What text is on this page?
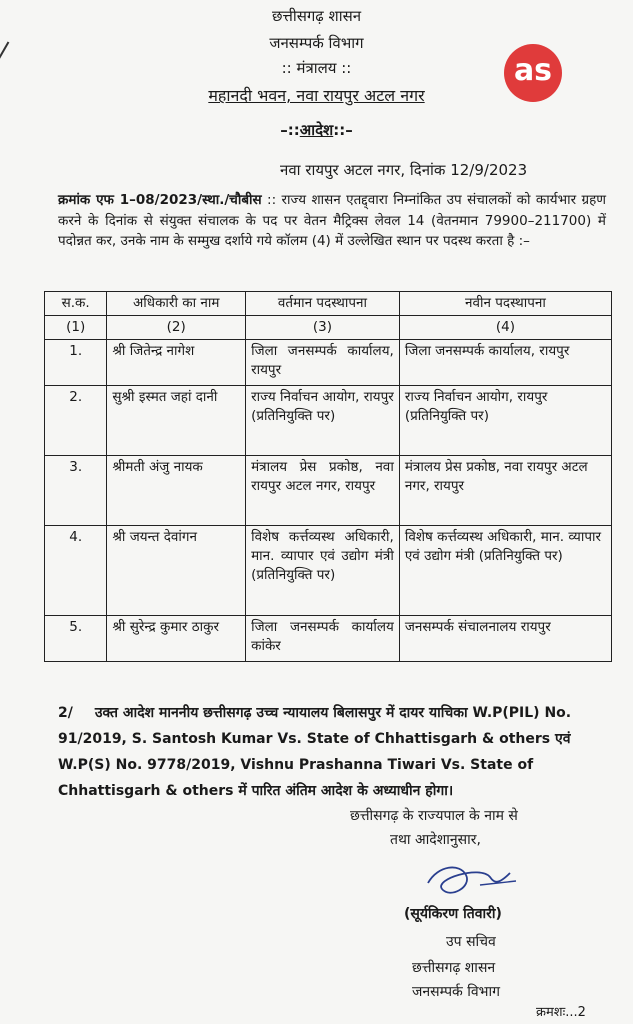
छत्तीसगढ़ शासन
जनसम्पर्क विभाग
:: मंत्रालय ::
महानदी भवन, नवा रायपुर अटल नगर
as
–::आदेश::–
नवा रायपुर अटल नगर, दिनांक 12/9/2023
क्रमांक एफ 1–08/2023/स्था./चौबीस :: राज्य शासन एतद्द्वारा निम्नांकित उप संचालकों को कार्यभार ग्रहण करने के दिनांक से संयुक्त संचालक के पद पर वेतन मैट्रिक्स लेवल 14 (वेतनमान 79900–211700) में पदोन्नत कर, उनके नाम के सम्मुख दर्शाये गये कॉलम (4) में उल्लेखित स्थान पर पदस्थ करता है :–
स.क.	अधिकारी का नाम	वर्तमान पदस्थापना	नवीन पदस्थापना
(1)	(2)	(3)	(4)
1.	श्री जितेन्द्र नागेश	जिला जनसम्पर्क कार्यालय, रायपुर	जिला जनसम्पर्क कार्यालय, रायपुर
2.	सुश्री इस्मत जहां दानी	राज्य निर्वाचन आयोग, रायपुर (प्रतिनियुक्ति पर)	राज्य निर्वाचन आयोग, रायपुर (प्रतिनियुक्ति पर)
3.	श्रीमती अंजु नायक	मंत्रालय प्रेस प्रकोष्ठ, नवा रायपुर अटल नगर, रायपुर	मंत्रालय प्रेस प्रकोष्ठ, नवा रायपुर अटल नगर, रायपुर
4.	श्री जयन्त देवांगन	विशेष कर्त्तव्यस्थ अधिकारी, मान. व्यापार एवं उद्योग मंत्री (प्रतिनियुक्ति पर)	विशेष कर्त्तव्यस्थ अधिकारी, मान. व्यापार एवं उद्योग मंत्री (प्रतिनियुक्ति पर)
5.	श्री सुरेन्द्र कुमार ठाकुर	जिला जनसम्पर्क कार्यालय कांकेर	जनसम्पर्क संचालनालय रायपुर
2/ उक्त आदेश माननीय छत्तीसगढ़ उच्च न्यायालय बिलासपुर में दायर याचिका W.P(PIL) No. 91/2019, S. Santosh Kumar Vs. State of Chhattisgarh & others एवं W.P(S) No. 9778/2019, Vishnu Prashanna Tiwari Vs. State of Chhattisgarh & others में पारित अंतिम आदेश के अध्याधीन होगा।
छत्तीसगढ़ के राज्यपाल के नाम से
तथा आदेशानुसार,
(सूर्यकिरण तिवारी)
उप सचिव
छत्तीसगढ़ शासन
जनसम्पर्क विभाग
क्रमशः...2
